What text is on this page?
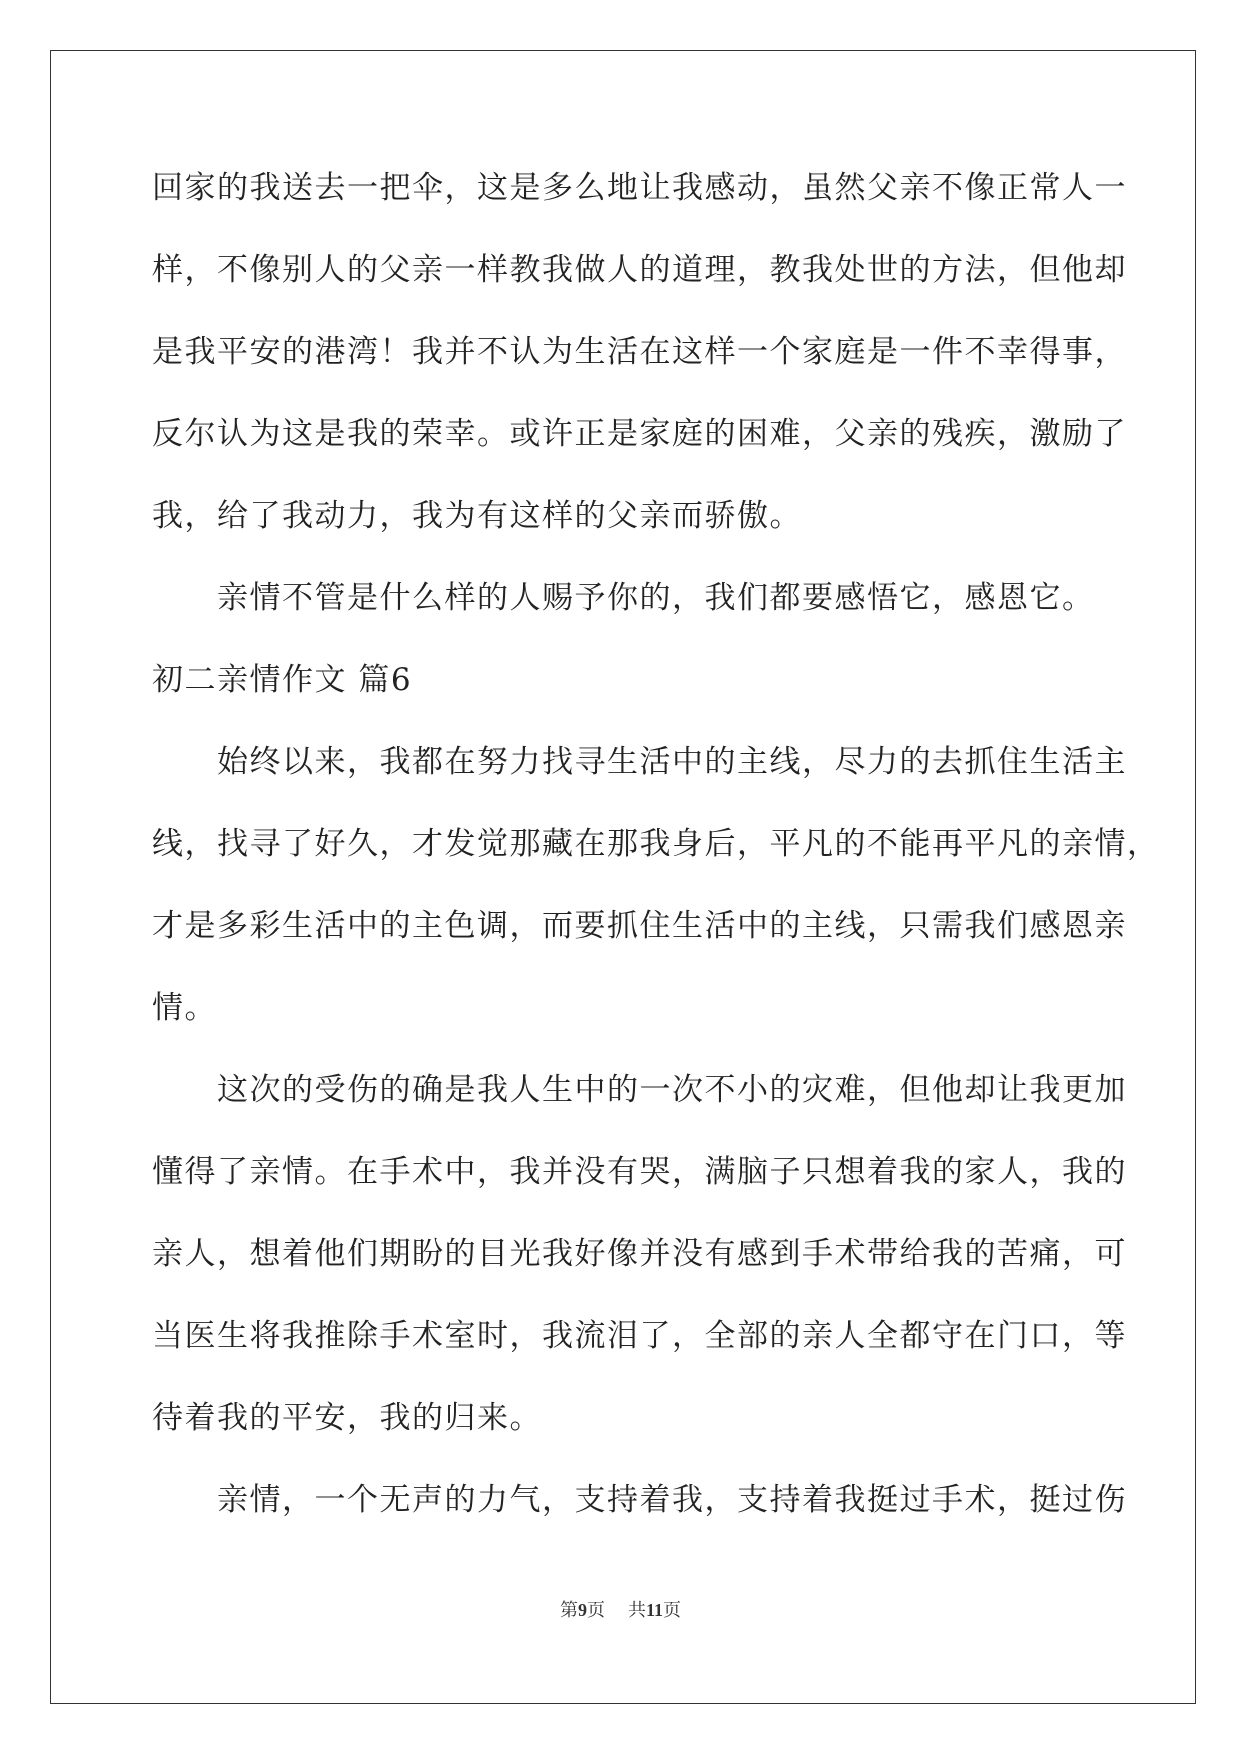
回家的我送去一把伞，这是多么地让我感动，虽然父亲不像正常人一
样，不像别人的父亲一样教我做人的道理，教我处世的方法，但他却
是我平安的港湾！我并不认为生活在这样一个家庭是一件不幸得事，
反尔认为这是我的荣幸。或许正是家庭的困难，父亲的残疾，激励了
我，给了我动力，我为有这样的父亲而骄傲。
　　亲情不管是什么样的人赐予你的，我们都要感悟它，感恩它。
初二亲情作文 篇6
　　始终以来，我都在努力找寻生活中的主线，尽力的去抓住生活主
线，找寻了好久，才发觉那藏在那我身后，平凡的不能再平凡的亲情，
才是多彩生活中的主色调，而要抓住生活中的主线，只需我们感恩亲
情。
　　这次的受伤的确是我人生中的一次不小的灾难，但他却让我更加
懂得了亲情。在手术中，我并没有哭，满脑子只想着我的家人，我的
亲人，想着他们期盼的目光我好像并没有感到手术带给我的苦痛，可
当医生将我推除手术室时，我流泪了，全部的亲人全都守在门口，等
待着我的平安，我的归来。
　　亲情，一个无声的力气，支持着我，支持着我挺过手术，挺过伤
第9页 共11页
